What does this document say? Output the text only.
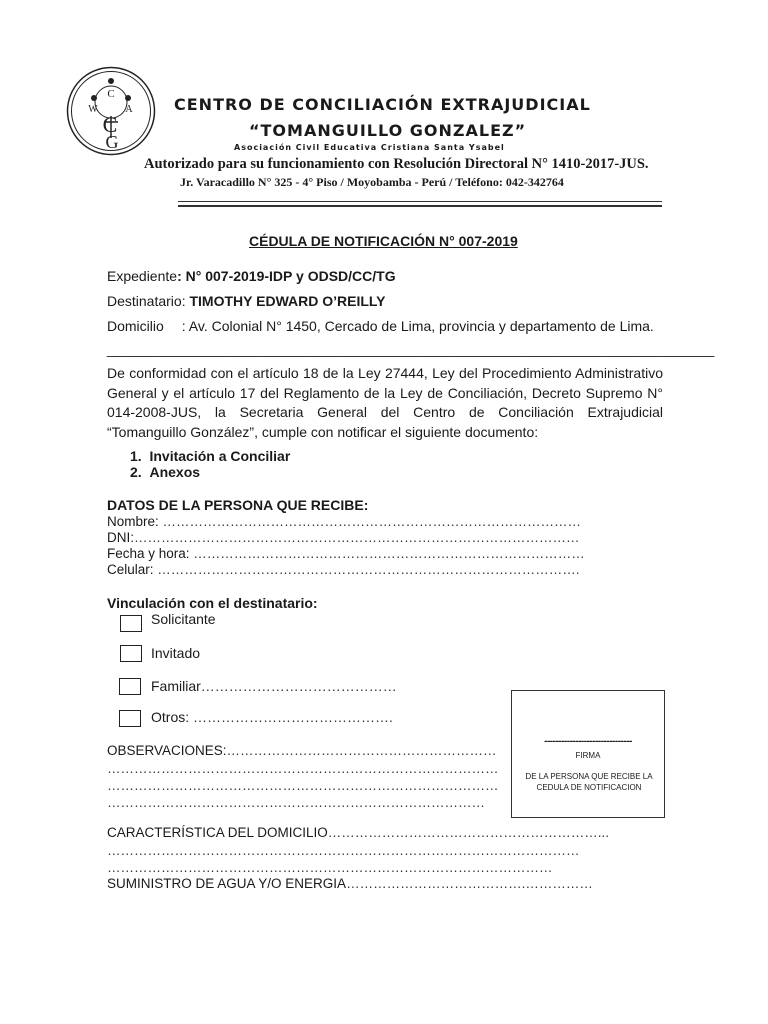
C
W	A
C
G
CENTRO DE CONCILIACIÓN EXTRAJUDICIAL
“TOMANGUILLO GONZALEZ”
Asociación Civil Educativa Cristiana Santa Ysabel
Autorizado para su funcionamiento con Resolución Directoral N° 1410-2017-JUS.
Jr. Varacadillo N° 325 - 4° Piso / Moyobamba - Perú / Teléfono: 042-342764
CÉDULA DE NOTIFICACIÓN N° 007-2019
Expediente: N° 007-2019-IDP y ODSD/CC/TG
Destinatario: TIMOTHY EDWARD O’REILLY
Domicilio : Av. Colonial N° 1450, Cercado de Lima, provincia y departamento de Lima.
______________________________________________________________________________
De conformidad con el artículo 18 de la Ley 27444, Ley del Procedimiento Administrativo General y el artículo 17 del Reglamento de la Ley de Conciliación, Decreto Supremo N° 014-2008-JUS, la Secretaria General del Centro de Conciliación Extrajudicial “Tomanguillo González”, cumple con notificar el siguiente documento:
1.  Invitación a Conciliar
2.  Anexos
DATOS DE LA PERSONA QUE RECIBE:
Nombre: …………………………………………………………………………………
DNI:………………………………………………………………………………………
Fecha y hora: ……………………………………………………………………………
Celular: ………………………………………………………………………………….
Vinculación con el destinatario:
Solicitante
Invitado
Familiar……………………………………
Otros: …………………………………….
-------------------------------
FIRMA
DE LA PERSONA QUE RECIBE LA CEDULA DE NOTIFICACION
OBSERVACIONES:……………………………………………………
……………………………………………………………………………
……………………………………………………………………………
…………………………………………………………………………
CARACTERÍSTICA DEL DOMICILIO……………………………………………………...
……………………………………………………………………………………………
………………………………………………………………………………………
SUMINISTRO DE AGUA Y/O ENERGIA………………………………….……………
